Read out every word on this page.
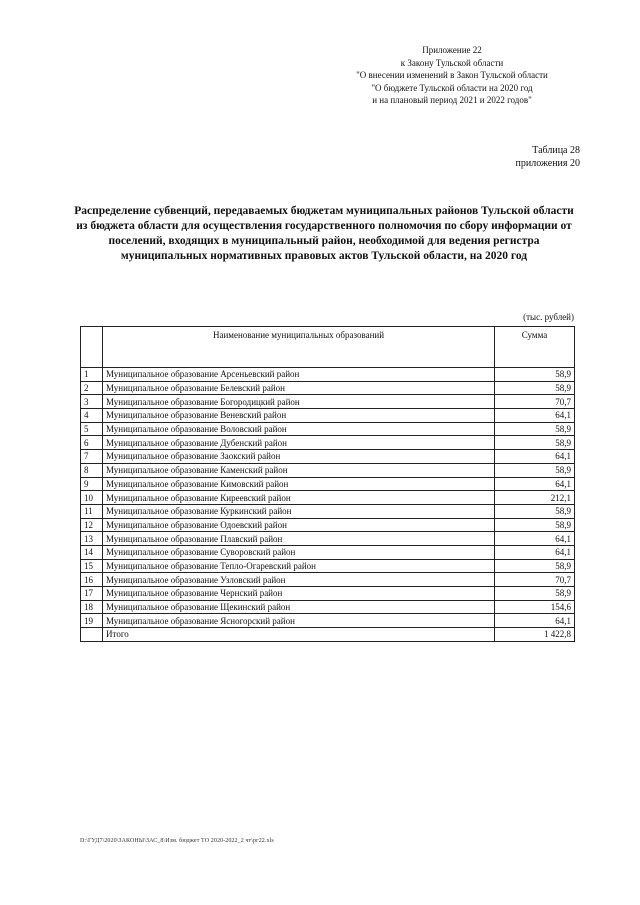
Приложение 22
к Закону Тульской области
"О внесении изменений в Закон Тульской области
"О бюджете Тульской области на 2020 год
и на плановый период 2021 и 2022 годов"
Таблица 28
приложения 20
Распределение субвенций, передаваемых бюджетам муниципальных районов Тульской области из бюджета области для осуществления государственного полномочия по сбору информации от поселений, входящих в муниципальный район, необходимой для ведения регистра муниципальных нормативных правовых актов Тульской области, на 2020 год
(тыс. рублей)
	Наименование муниципальных образований	Сумма
1	Муниципальное образование Арсеньевский район	58,9
2	Муниципальное образование Белевский район	58,9
3	Муниципальное образование Богородицкий район	70,7
4	Муниципальное образование Веневский район	64,1
5	Муниципальное образование Воловский район	58,9
6	Муниципальное образование Дубенский район	58,9
7	Муниципальное образование Заокский район	64,1
8	Муниципальное образование Каменский район	58,9
9	Муниципальное образование Кимовский район	64,1
10	Муниципальное образование Киреевский район	212,1
11	Муниципальное образование Куркинский район	58,9
12	Муниципальное образование Одоевский район	58,9
13	Муниципальное образование Плавский район	64,1
14	Муниципальное образование Суворовский район	64,1
15	Муниципальное образование Тепло-Огаревский район	58,9
16	Муниципальное образование Узловский район	70,7
17	Муниципальное образование Чернский район	58,9
18	Муниципальное образование Щекинский район	154,6
19	Муниципальное образование Ясногорский район	64,1
	Итого	1 422,8
D:\ГУД7\2020\ЗАКОНЫ\ЗАС_8\Изм. бюджет ТО 2020-2022_2 чт\рг22.xls
